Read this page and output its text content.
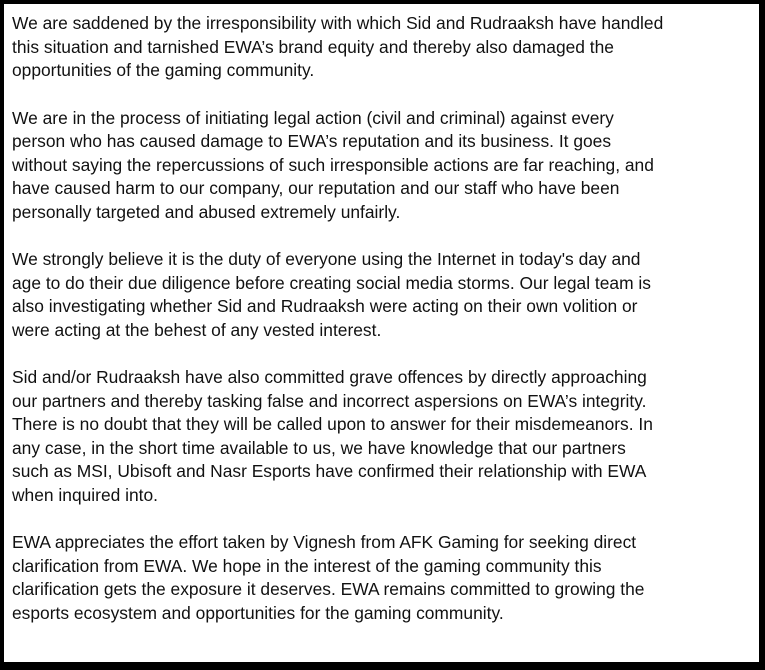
We are saddened by the irresponsibility with which Sid and Rudraaksh have handled
this situation and tarnished EWA’s brand equity and thereby also damaged the
opportunities of the gaming community.

We are in the process of initiating legal action (civil and criminal) against every
person who has caused damage to EWA’s reputation and its business. It goes
without saying the repercussions of such irresponsible actions are far reaching, and
have caused harm to our company, our reputation and our staff who have been
personally targeted and abused extremely unfairly.

We strongly believe it is the duty of everyone using the Internet in today's day and
age to do their due diligence before creating social media storms. Our legal team is
also investigating whether Sid and Rudraaksh were acting on their own volition or
were acting at the behest of any vested interest.

Sid and/or Rudraaksh have also committed grave offences by directly approaching
our partners and thereby tasking false and incorrect aspersions on EWA’s integrity.
There is no doubt that they will be called upon to answer for their misdemeanors. In
any case, in the short time available to us, we have knowledge that our partners
such as MSI, Ubisoft and Nasr Esports have confirmed their relationship with EWA
when inquired into.

EWA appreciates the effort taken by Vignesh from AFK Gaming for seeking direct
clarification from EWA. We hope in the interest of the gaming community this
clarification gets the exposure it deserves. EWA remains committed to growing the
esports ecosystem and opportunities for the gaming community.
